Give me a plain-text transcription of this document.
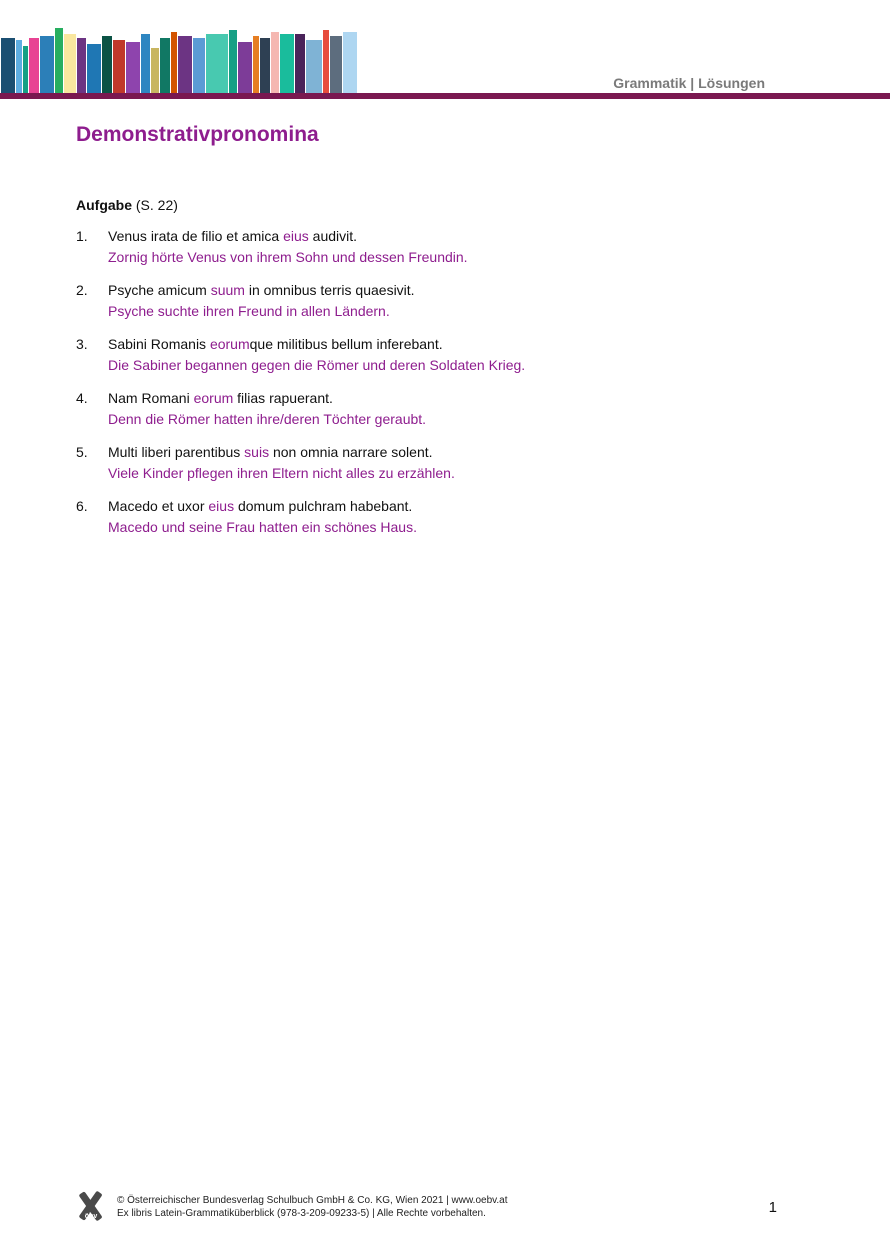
Grammatik | Lösungen
Demonstrativpronomina
Aufgabe (S. 22)
1. Venus irata de filio et amica eius audivit.
Zornig hörte Venus von ihrem Sohn und dessen Freundin.
2. Psyche amicum suum in omnibus terris quaesivit.
Psyche suchte ihren Freund in allen Ländern.
3. Sabini Romanis eorumque militibus bellum inferebant.
Die Sabiner begannen gegen die Römer und deren Soldaten Krieg.
4. Nam Romani eorum filias rapuerant.
Denn die Römer hatten ihre/deren Töchter geraubt.
5. Multi liberi parentibus suis non omnia narrare solent.
Viele Kinder pflegen ihren Eltern nicht alles zu erzählen.
6. Macedo et uxor eius domum pulchram habebant.
Macedo und seine Frau hatten ein schönes Haus.
öbv
© Österreichischer Bundesverlag Schulbuch GmbH & Co. KG, Wien 2021 | www.oebv.at
Ex libris Latein-Grammatiküberblick (978-3-209-09233-5) | Alle Rechte vorbehalten.	1
